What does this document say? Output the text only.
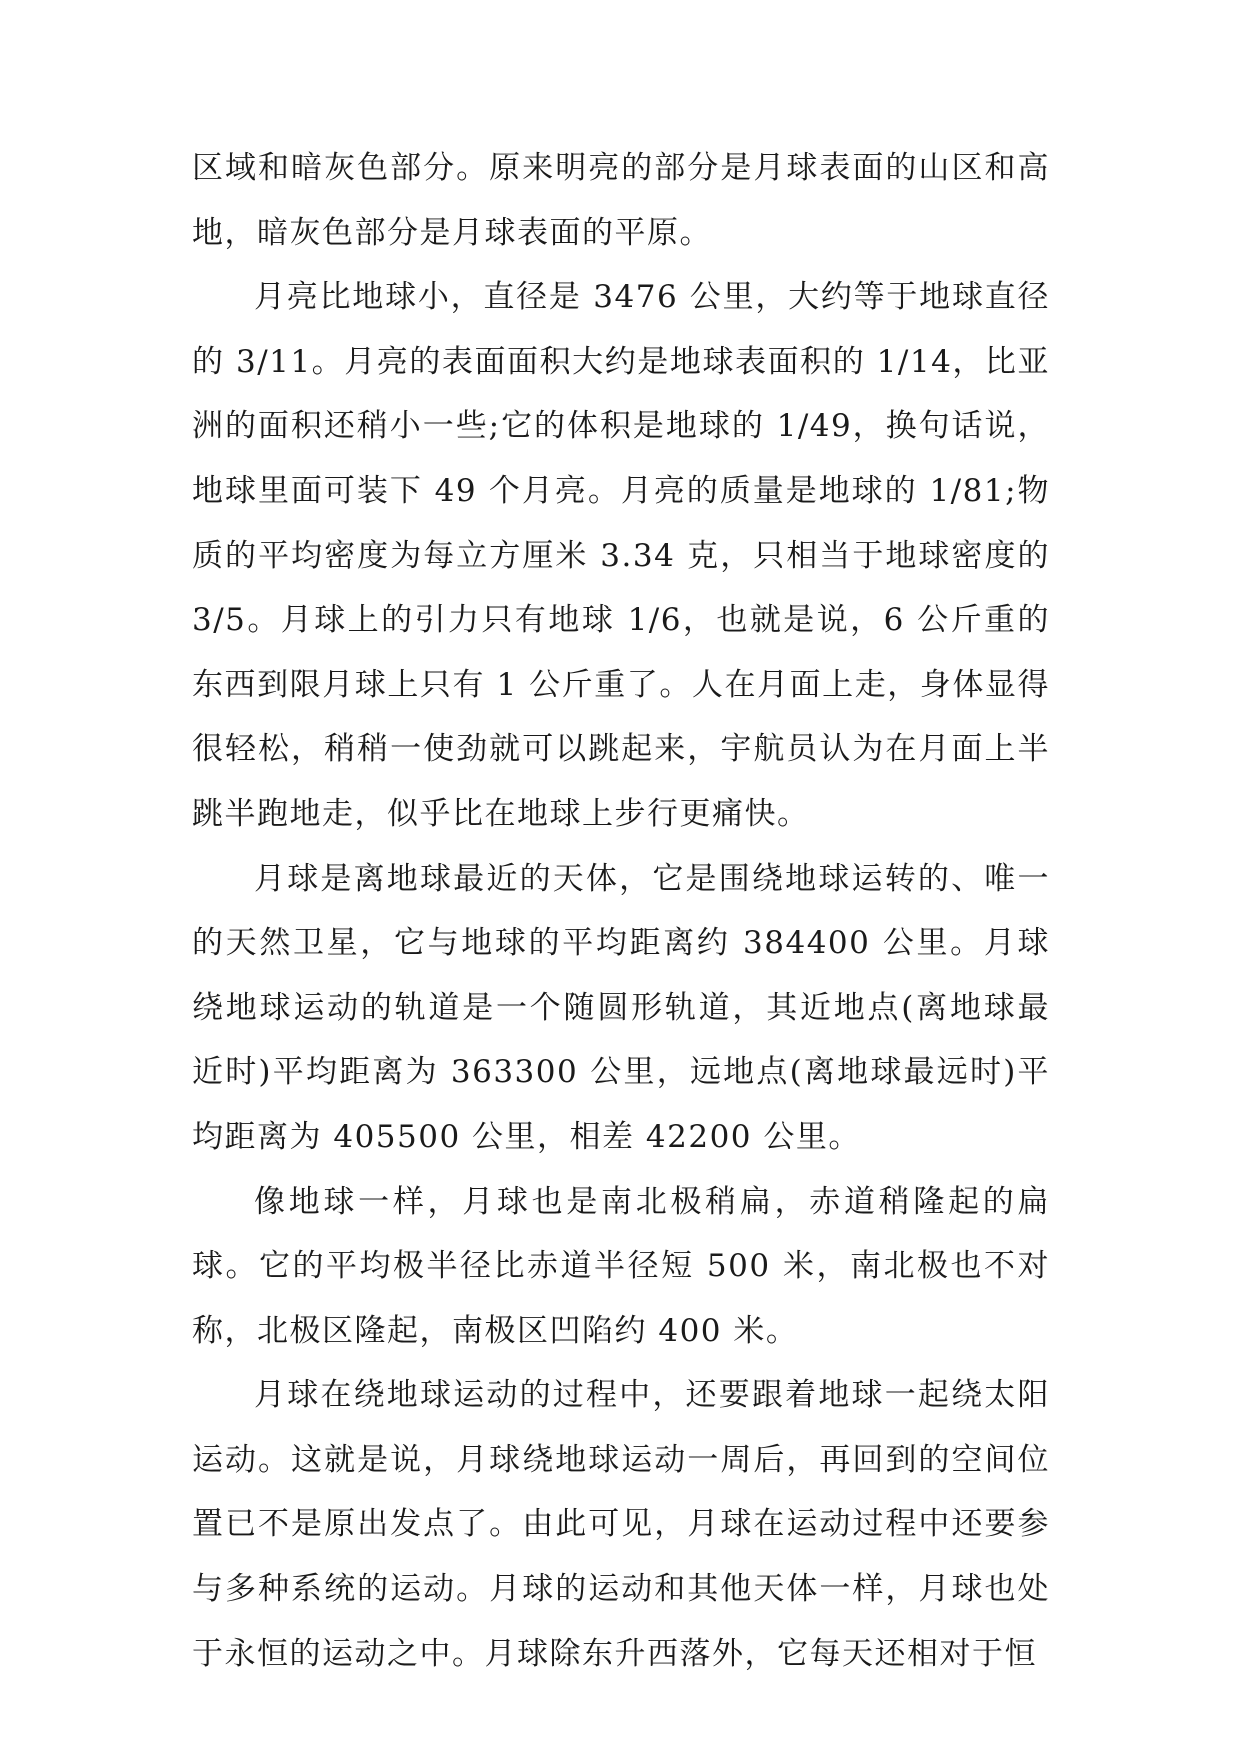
区域和暗灰色部分。原来明亮的部分是月球表面的山区和高地，暗灰色部分是月球表面的平原。

月亮比地球小，直径是 3476 公里，大约等于地球直径的 3/11。月亮的表面面积大约是地球表面积的 1/14，比亚洲的面积还稍小一些;它的体积是地球的 1/49，换句话说，地球里面可装下 49 个月亮。月亮的质量是地球的 1/81;物质的平均密度为每立方厘米 3.34 克，只相当于地球密度的 3/5。月球上的引力只有地球 1/6，也就是说，6 公斤重的东西到限月球上只有 1 公斤重了。人在月面上走，身体显得很轻松，稍稍一使劲就可以跳起来，宇航员认为在月面上半跳半跑地走，似乎比在地球上步行更痛快。

月球是离地球最近的天体，它是围绕地球运转的、唯一的天然卫星，它与地球的平均距离约 384400 公里。月球绕地球运动的轨道是一个随圆形轨道，其近地点(离地球最近时)平均距离为 363300 公里，远地点(离地球最远时)平均距离为 405500 公里，相差 42200 公里。

像地球一样，月球也是南北极稍扁，赤道稍隆起的扁球。它的平均极半径比赤道半径短 500 米，南北极也不对称，北极区隆起，南极区凹陷约 400 米。

月球在绕地球运动的过程中，还要跟着地球一起绕太阳运动。这就是说，月球绕地球运动一周后，再回到的空间位置已不是原出发点了。由此可见，月球在运动过程中还要参与多种系统的运动。月球的运动和其他天体一样，月球也处于永恒的运动之中。月球除东升西落外，它每天还相对于恒
